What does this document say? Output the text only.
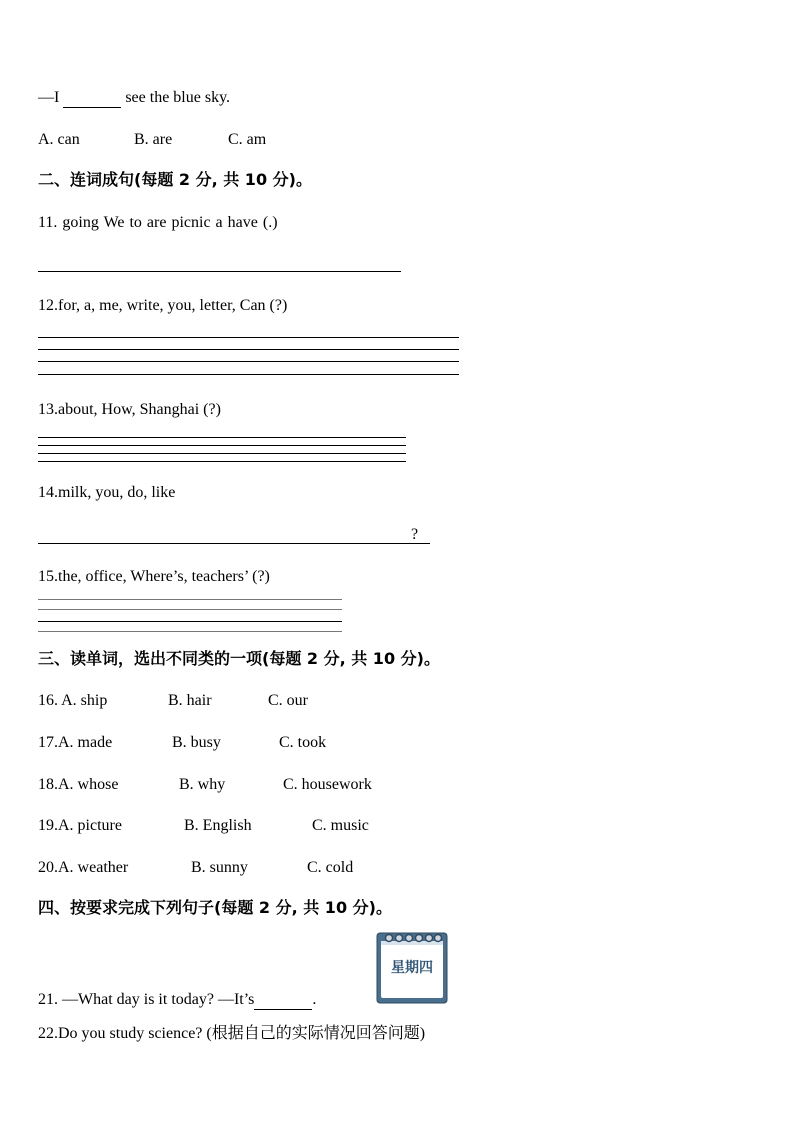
—I	see the blue sky.
A. can	B. are	C. am
二、连词成句(每题 2 分, 共 10 分)。
11. going We to are picnic a have (.)
12.for, a, me, write, you, letter, Can (?)
13.about, How, Shanghai (?)
14.milk, you, do, like
?
15.the, office, Where’s, teachers’ (?)
三、读单词，选出不同类的一项(每题 2 分, 共 10 分)。
16. A. ship	B. hair	C. our
17.A. made	B. busy	C. took
18.A. whose	B. why	C. housework
19.A. picture	B. English	C. music
20.A. weather	B. sunny	C. cold
四、按要求完成下列句子(每题 2 分, 共 10 分)。
星期四
21. —What day is it today? —It’s	.
22.Do you study science? (根据自己的实际情况回答问题)
